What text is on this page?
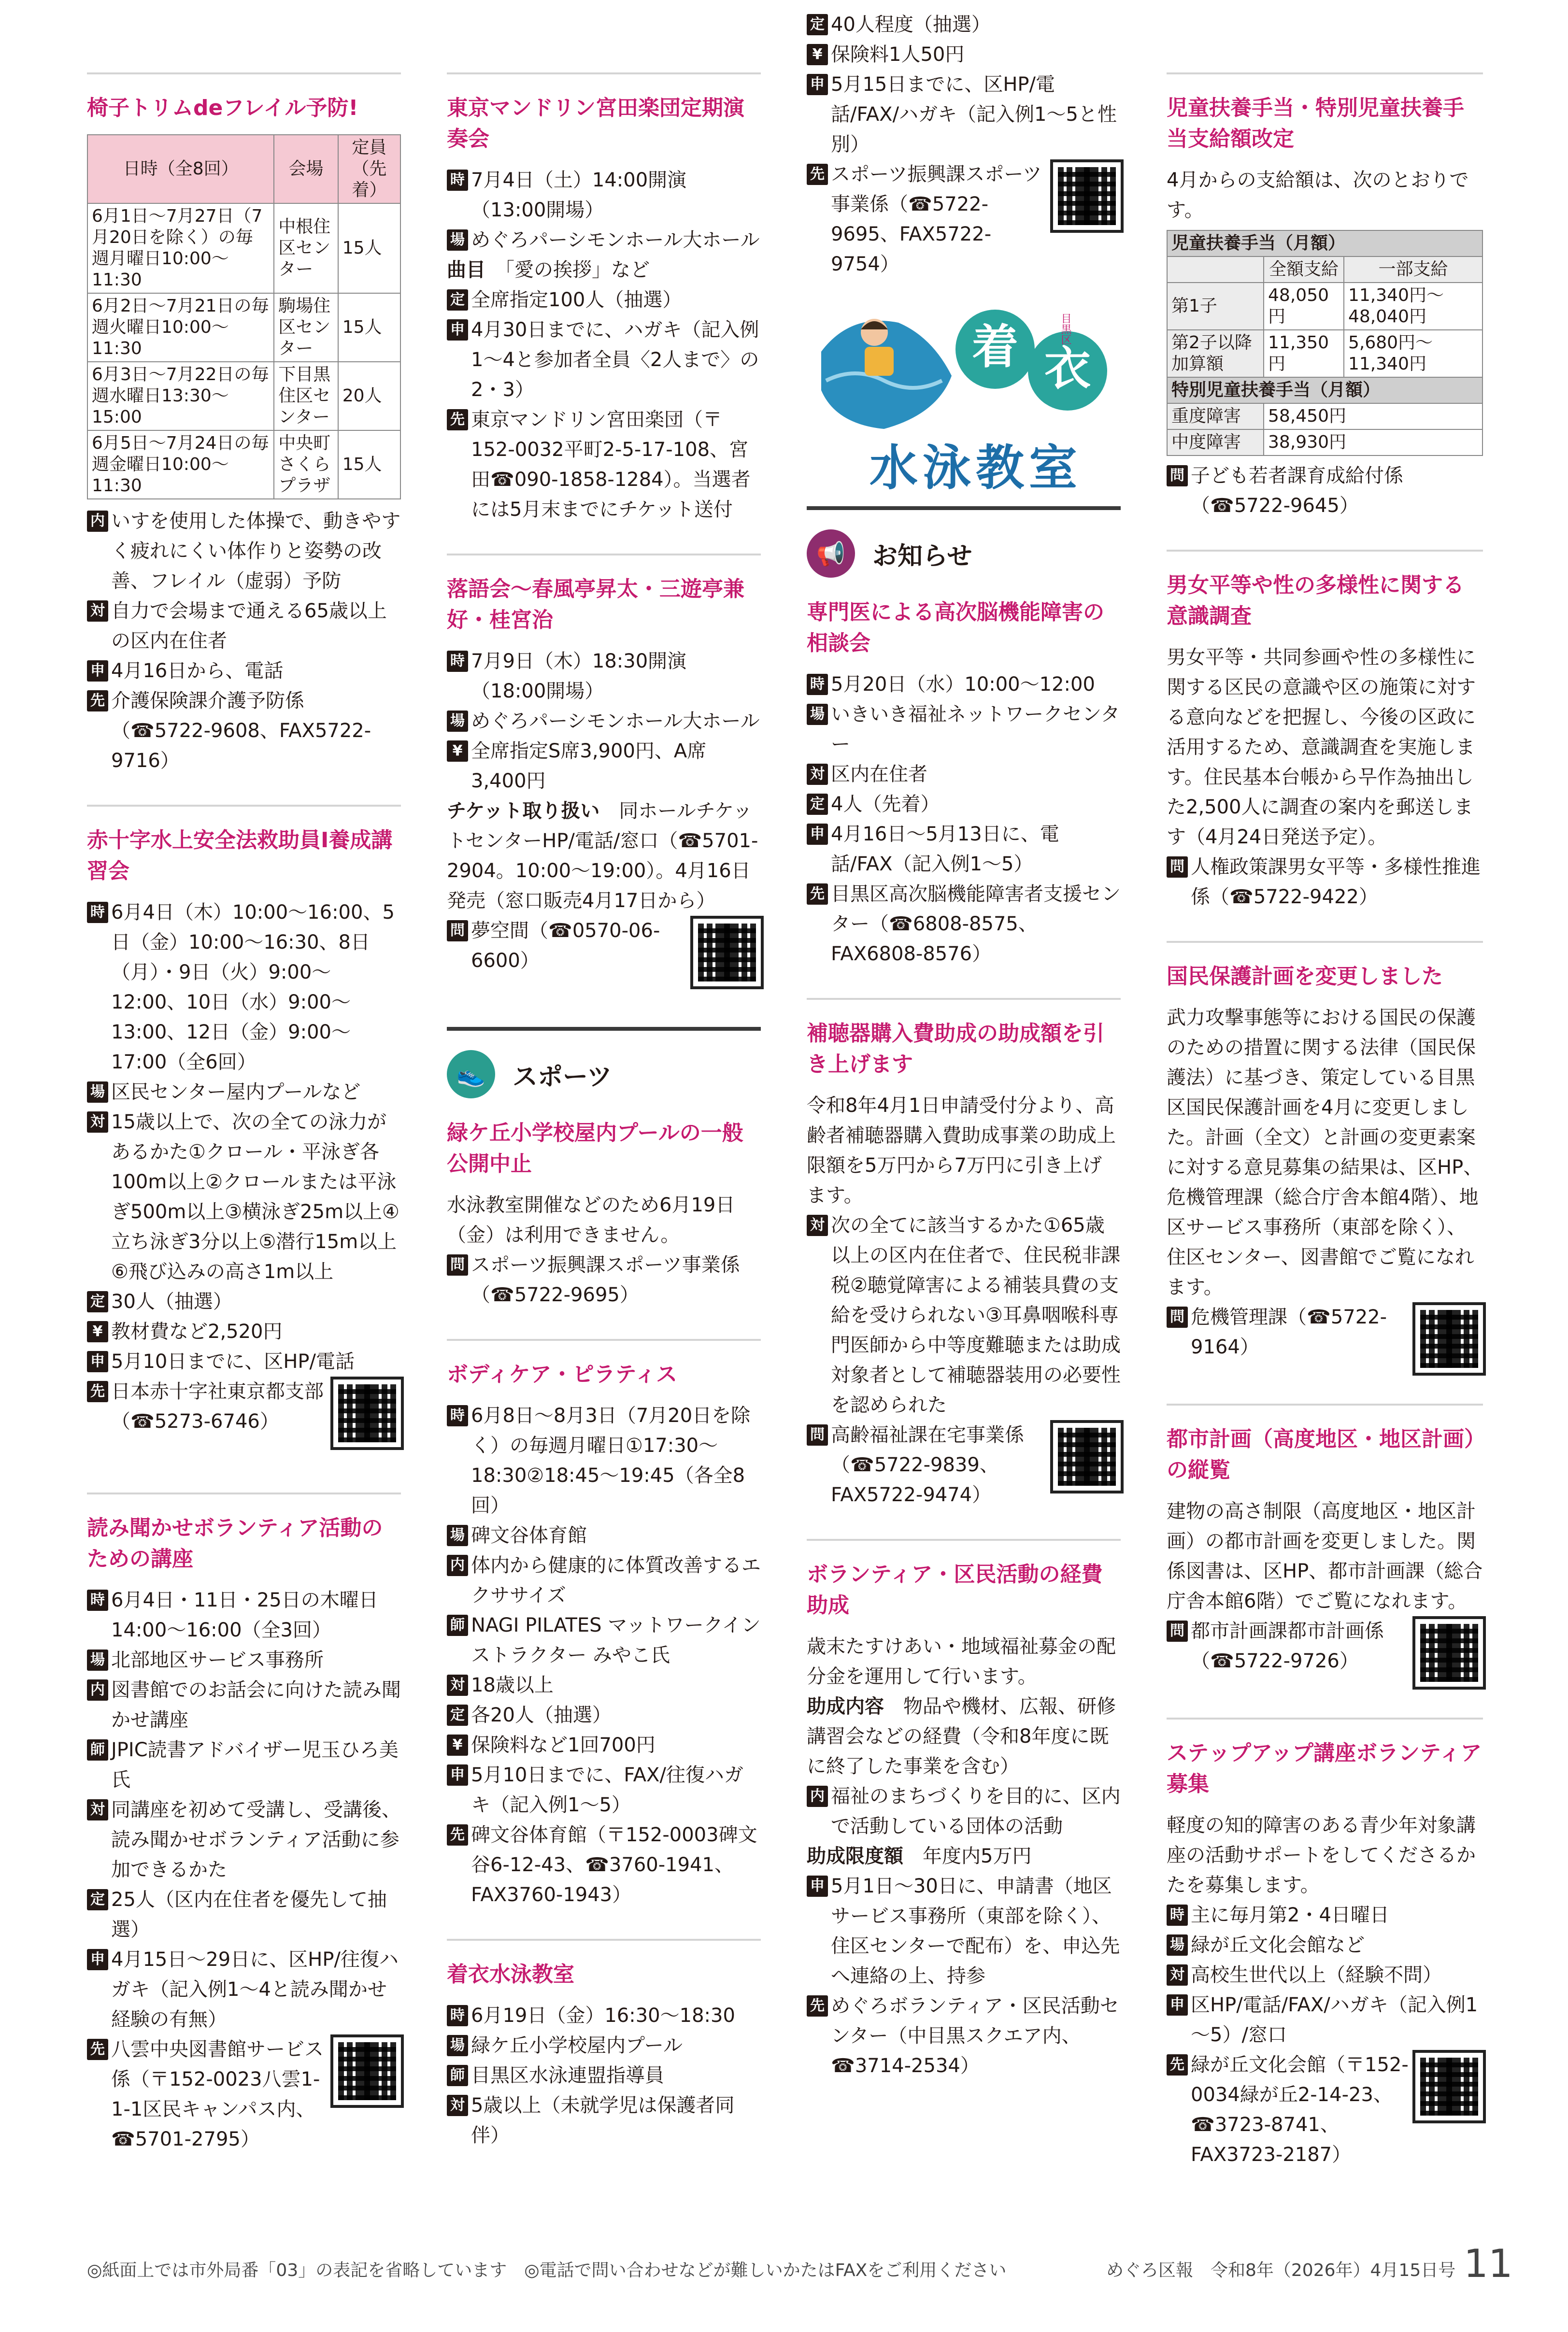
椅子トリムdeフレイル予防!
日時（全8回）	会場	定員（先着）
6月1日～7月27日（7月20日を除く）の毎週月曜日10:00～11:30	中根住区センター	15人
6月2日～7月21日の毎週火曜日10:00～11:30	駒場住区センター	15人
6月3日～7月22日の毎週水曜日13:30～15:00	下目黒住区センター	20人
6月5日～7月24日の毎週金曜日10:00～11:30	中央町さくらプラザ	15人
内 いすを使用した体操で、動きやすく疲れにくい体作りと姿勢の改善、フレイル（虚弱）予防
対 自力で会場まで通える65歳以上の区内在住者
申 4月16日から、電話
先 介護保険課介護予防係（☎5722-9608、FAX5722-9716）
赤十字水上安全法救助員Ⅰ養成講習会
時 6月4日（木）10:00～16:00、5日（金）10:00～16:30、8日（月）・9日（火）9:00～12:00、10日（水）9:00～13:00、12日（金）9:00～17:00（全6回）
場 区民センター屋内プールなど
対 15歳以上で、次の全ての泳力があるかた①クロール・平泳ぎ各100m以上②クロールまたは平泳ぎ500m以上③横泳ぎ25m以上④立ち泳ぎ3分以上⑤潜行15m以上⑥飛び込みの高さ1m以上
定 30人（抽選）
¥ 教材費など2,520円
申 5月10日までに、区HP/電話
先 日本赤十字社東京都支部（☎5273-6746）
読み聞かせボランティア活動のための講座
時 6月4日・11日・25日の木曜日14:00～16:00（全3回）
場 北部地区サービス事務所
内 図書館でのお話会に向けた読み聞かせ講座
師 JPIC読書アドバイザー児玉ひろ美氏
対 同講座を初めて受講し、受講後、読み聞かせボランティア活動に参加できるかた
定 25人（区内在住者を優先して抽選）
申 4月15日～29日に、区HP/往復ハガキ（記入例1～4と読み聞かせ経験の有無）
先 八雲中央図書館サービス係（〒152-0023八雲1-1-1区民キャンパス内、☎5701-2795）
東京マンドリン宮田楽団定期演奏会
時 7月4日（土）14:00開演（13:00開場）
場 めぐろパーシモンホール大ホール
曲目 「愛の挨拶」など
定 全席指定100人（抽選）
申 4月30日までに、ハガキ（記入例1～4と参加者全員〈2人まで〉の2・3）
先 東京マンドリン宮田楽団（〒152-0032平町2-5-17-108、宮田☎090-1858-1284）。当選者には5月末までにチケット送付
落語会～春風亭昇太・三遊亭兼好・桂宮治
時 7月9日（木）18:30開演（18:00開場）
場 めぐろパーシモンホール大ホール
¥ 全席指定S席3,900円、A席3,400円
チケット取り扱い　 同ホールチケットセンターHP/電話/窓口（☎5701-2904。10:00～19:00）。4月16日発売（窓口販売4月17日から）
問 夢空間（☎0570-06-6600）
👟	スポーツ
緑ケ丘小学校屋内プールの一般公開中止

水泳教室開催などのため6月19日（金）は利用できません。

問 スポーツ振興課スポーツ事業係（☎5722-9695）
ボディケア・ピラティス
時 6月8日～8月3日（7月20日を除く）の毎週月曜日①17:30～18:30②18:45～19:45（各全8回）
場 碑文谷体育館
内 体内から健康的に体質改善するエクササイズ
師 NAGI PILATES マットワークインストラクター みやこ氏
対 18歳以上
定 各20人（抽選）
¥ 保険料など1回700円
申 5月10日までに、FAX/往復ハガキ（記入例1～5）
先 碑文谷体育館（〒152-0003碑文谷6-12-43、☎3760-1941、FAX3760-1943）
着衣水泳教室
時 6月19日（金）16:30～18:30
場 緑ケ丘小学校屋内プール
師 目黒区水泳連盟指導員
対 5歳以上（未就学児は保護者同伴）
定 40人程度（抽選）
¥ 保険料1人50円
申 5月15日までに、区HP/電話/FAX/ハガキ（記入例1～5と性別）
先 スポーツ振興課スポーツ事業係（☎5722-9695、FAX5722-9754）
着 衣
目黒区
水泳教室
📢	お知らせ
専門医による高次脳機能障害の相談会
時 5月20日（水）10:00～12:00
場 いきいき福祉ネットワークセンター
対 区内在住者
定 4人（先着）
申 4月16日～5月13日に、電話/FAX（記入例1～5）
先 目黒区高次脳機能障害者支援センター（☎6808-8575、FAX6808-8576）
補聴器購入費助成の助成額を引き上げます

令和8年4月1日申請受付分より、高齢者補聴器購入費助成事業の助成上限額を5万円から7万円に引き上げます。

対 次の全てに該当するかた①65歳以上の区内在住者で、住民税非課税②聴覚障害による補装具費の支給を受けられない③耳鼻咽喉科専門医師から中等度難聴または助成対象者として補聴器装用の必要性を認められた
問 高齢福祉課在宅事業係（☎5722-9839、FAX5722-9474）
ボランティア・区民活動の経費助成

歳末たすけあい・地域福祉募金の配分金を運用して行います。

助成内容　 物品や機材、広報、研修講習会などの経費（令和8年度に既に終了した事業を含む）
内 福祉のまちづくりを目的に、区内で活動している団体の活動
助成限度額　 年度内5万円
申 5月1日～30日に、申請書（地区サービス事務所（東部を除く）、住区センターで配布）を、申込先へ連絡の上、持参
先 めぐろボランティア・区民活動センター（中目黒スクエア内、☎3714-2534）
児童扶養手当・特別児童扶養手当支給額改定

4月からの支給額は、次のとおりです。

児童扶養手当（月額）		
	全額支給	一部支給
第1子	48,050円	11,340円～48,040円
第2子以降加算額	11,350円	5,680円～11,340円
特別児童扶養手当（月額）		
重度障害	58,450円	
中度障害	38,930円	
問 子ども若者課育成給付係（☎5722-9645）
男女平等や性の多様性に関する意識調査

男女平等・共同参画や性の多様性に関する区民の意識や区の施策に対する意向などを把握し、今後の区政に活用するため、意識調査を実施します。住民基本台帳から무作為抽出した2,500人に調査の案内を郵送します（4月24日発送予定）。

問 人権政策課男女平等・多様性推進係（☎5722-9422）
国民保護計画を変更しました

武力攻撃事態等における国民の保護のための措置に関する法律（国民保護法）に基づき、策定している目黒区国民保護計画を4月に変更しました。計画（全文）と計画の変更素案に対する意見募集の結果は、区HP、危機管理課（総合庁舎本館4階）、地区サービス事務所（東部を除く）、住区センター、図書館でご覧になれます。

問 危機管理課（☎5722-9164）
都市計画（高度地区・地区計画）の縦覧

建物の高さ制限（高度地区・地区計画）の都市計画を変更しました。関係図書は、区HP、都市計画課（総合庁舎本館6階）でご覧になれます。

問 都市計画課都市計画係（☎5722-9726）
ステップアップ講座ボランティア募集

軽度の知的障害のある青少年対象講座の活動サポートをしてくださるかたを募集します。

時 主に毎月第2・4日曜日
場 緑が丘文化会館など
対 高校生世代以上（経験不問）
申 区HP/電話/FAX/ハガキ（記入例1～5）/窓口
先 緑が丘文化会館（〒152-0034緑が丘2-14-23、☎3723-8741、FAX3723-2187）
◎紙面上では市外局番「03」の表記を省略しています　◎電話で問い合わせなどが難しいかたはFAXをご利用ください	めぐろ区報　令和8年（2026年）4月15日号 11
